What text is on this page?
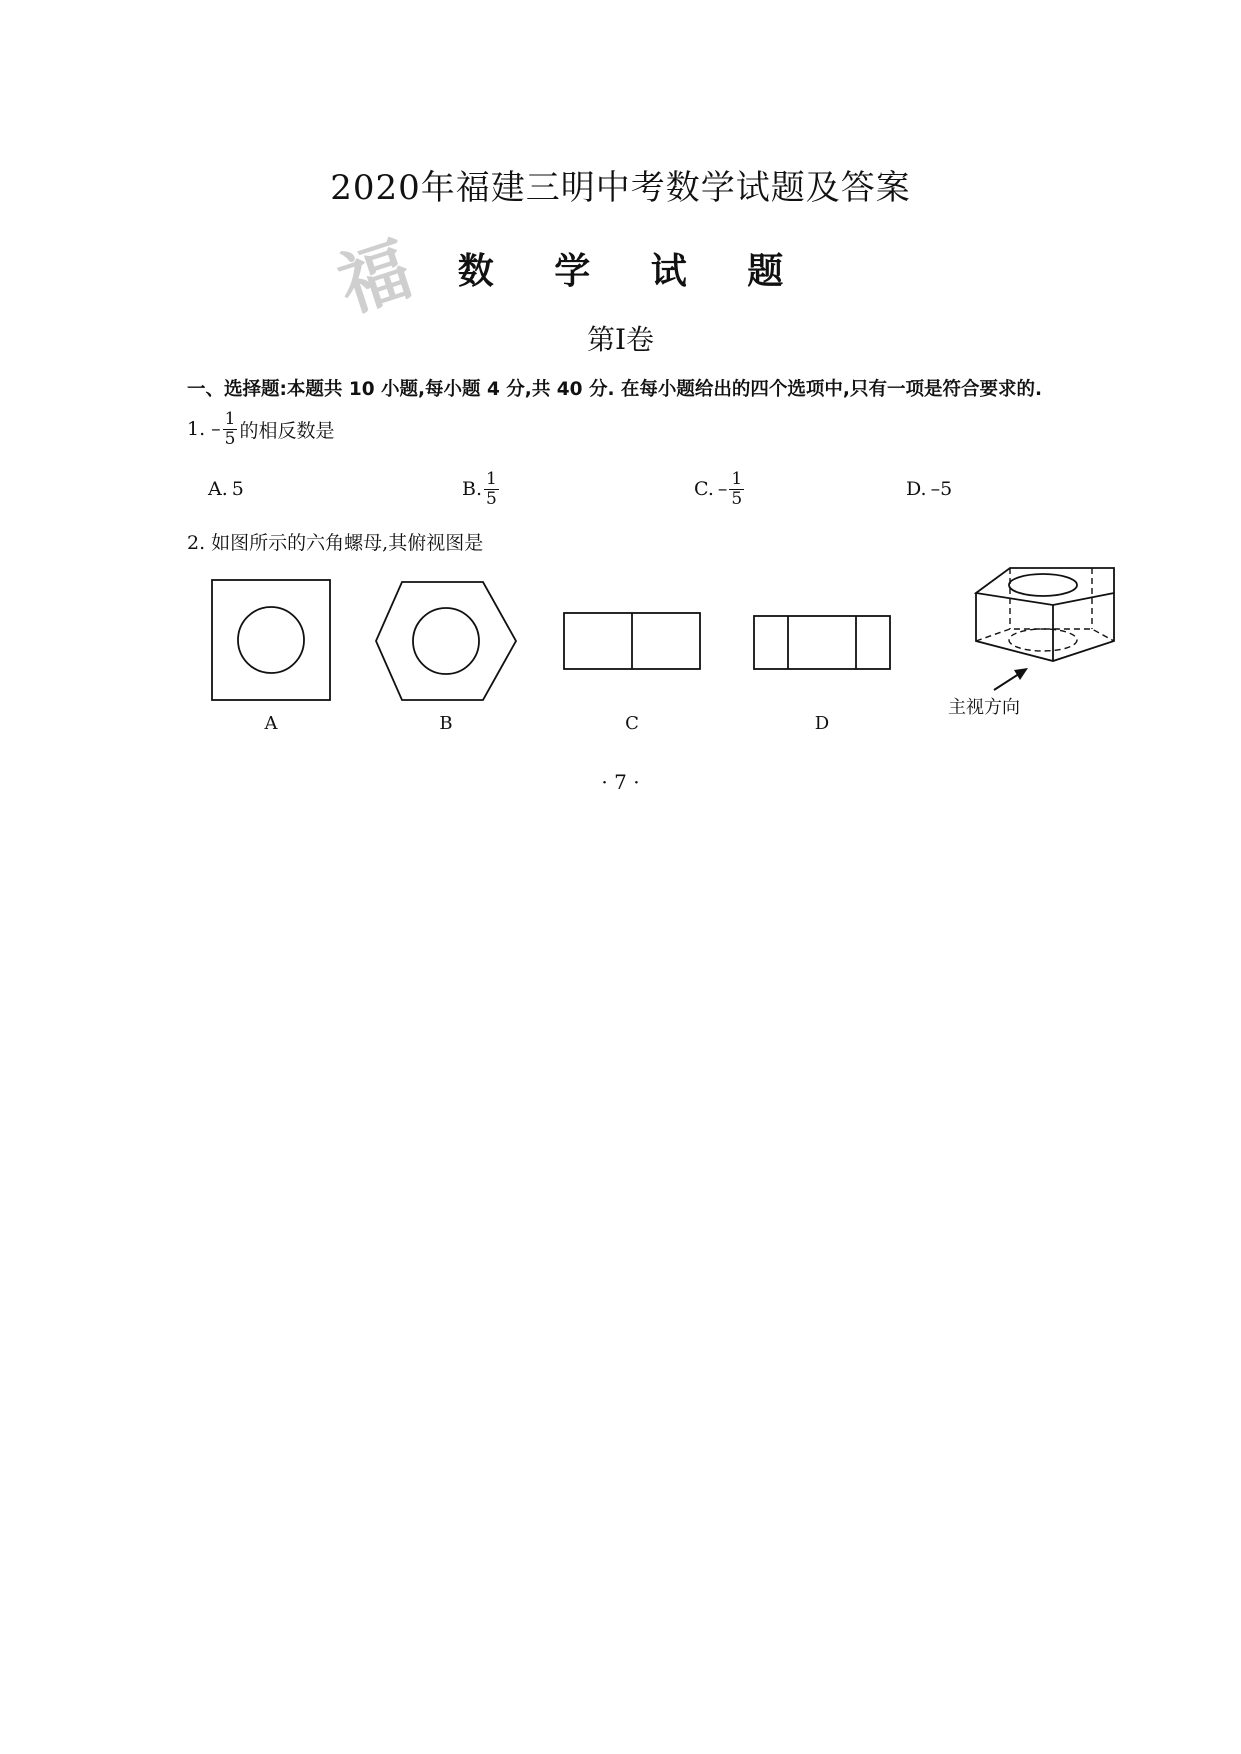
2020年福建三明中考数学试题及答案
福	数 学 试 题
第Ⅰ卷
一、选择题:本题共 10 小题,每小题 4 分,共 40 分. 在每小题给出的四个选项中,只有一项是符合要求的.
1. – $\frac{1}{5}$ 的相反数是
A. 5	B. $\frac{1}{5}$	C. – $\frac{1}{5}$	D. –5
2. 如图所示的六角螺母,其俯视图是
A	B	C	D
主视方向
· 7 ·
